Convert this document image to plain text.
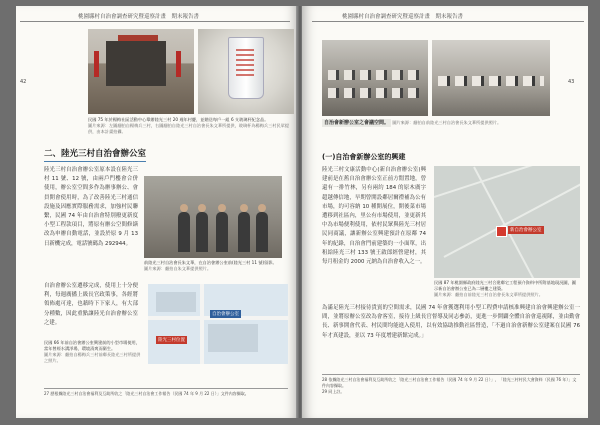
桃園縣村自治會調查研究暨巡察計畫　期末報告書
42
民國 75 年於楊梅社區活動中心舉辦陸光三村 20 週年村慶，並贈送每戶一組 6 支玻璃杯紀念品。
圖片來源：左圖翻拍自楊梅兵三村，右圖翻拍自陸光三村自治會長朱文華所提供，玻璃杯為楊梅兵三村民眾提供，由本計畫拍攝。
二、陸光三村自治會辦公室
陸光三村自治會辦公室原本設在陸光三村 11 號、12 號，由兩戶門樓會合併使用，辦公室空間多作為辦事辦公、會員開會使用時，為了改善陸光三村通信設施及因應實際服務需求，加強村民聯繫，民國 74 年由自治會特別撥更新度小型工程款項目，將原有辦公空間修繕改為申辦自動電話，並設於原 9 月 13 日新機完成，電話號碼為 292944。
自治會辦公室遷移完成，使用上十分便利，每週廣播上級長官政策事，各經將領佈處可達，也藉時下下家人，有大部分種數，因此重點讓陸光自治會辦公室之建。
前陸光三村自治會長朱文華，在自治會辦公室前(陸光三村 11 號)留影。
圖片來源：翻拍自朱文華提供照片。
自治會辦公室
陸光三村位置
民國 66 年前自治會辦公室興建前的小型市場使用，當年曾經水溝淨場，環境清爽而衛生。
圖片來源：翻拍自楊梅兵三村前鄰長陸光三村所提供之照片。
27 歷根據陸光三村自治會福利及互助所收之「陸光三村自治會工作報告（民國 74 年 9 月 22 日）」文件內容擷取。
桃園縣村自治會調查研究暨巡察計畫　期末報告書
43
自治會新辦公室之會議空間。 圖片來源：翻拍自前陸光三村自治會長朱文華所提供照片。
(一)自治會新辦公室的興建
陸光三村文康活動中心(新自治會辦公室)興建前是在舊自治會辦公室正前方閒置地，曾還有一排竹林，另有兩約 184 的原木廣字超越傳信地，早期曾開設鄰居爾禮補為公有市場，約可容納 10 種開展位，開後菜市場遭移到社區內，里公有市場使用，並更新其中為市場便利使用，依村民眾與陸光三村居民同商議，讓新辦公室興建預計在原鄰 74 年的紀錄，自治會門前建築約一小面單，出租給陸光三村 133 號王啟郎經營建材，其每月租金約 2000 元納為自治會收入之一。
新自治會辦公室
民國 87 年桃園縣政府陸光三村合建鄰宅工程預介資料中所附基地現況圖，圖示新自治會辦公室已為二層樓之建築。
圖片來源：翻拍自前陸光三村自治會長朱文華所提供照片。
為滿足陸光三村接待貴賓的空間需求，民國 74 年會獲選利用小型工程費申請核准興建自治會興建辦公室一間，並將原辦公室改為會客室，接待上級長官督導及同志參訪，更進一步開闢全體自治會巡視隊，並由勤會長、新事開會代表、村民間均能進入使用，以有效協助推動社區營造，「不過自治會新辦公室建案在民國 76 年才真建設，並以 73 年度增建新館完成。」
28 依據陸光三村自治會福利及互助所收之「陸光三村自治會工作報告（民國 74 年 9 月 22 日）」，「陸光三村村民大會資料（民國 76 年）」文件內容擷取。
29 同上註。
